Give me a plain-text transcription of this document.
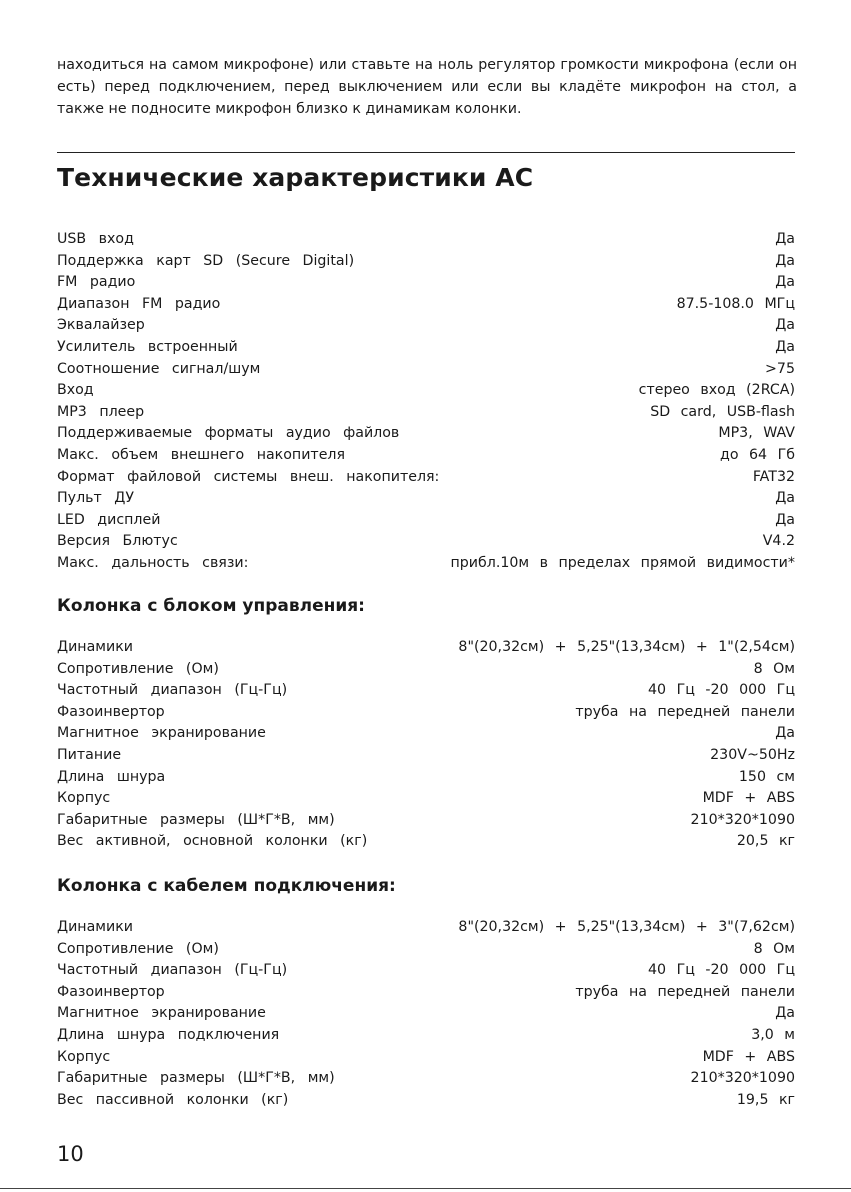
находиться на самом микрофоне) или ставьте на ноль регулятор громкости микрофона (если он есть) перед подключением, перед выключением или если вы кладёте микрофон на стол, а также не подносите микрофон близко к динамикам колонки.

Технические характеристики АС
USB вход	Да
Поддержка карт SD (Secure Digital)	Да
FM радио	Да
Диапазон FM радио	87.5-108.0 МГц
Эквалайзер	Да
Усилитель встроенный	Да
Соотношение сигнал/шум	>75
Вход	стерео вход (2RCA)
MP3 плеер	SD card, USB-flash
Поддерживаемые форматы аудио файлов	MP3, WAV
Макс. объем внешнего накопителя	до 64 Гб
Формат файловой системы внеш. накопителя:	FAT32
Пульт ДУ	Да
LED дисплей	Да
Версия Блютус	V4.2
Макс. дальность связи:	прибл.10м в пределах прямой видимости*
Колонка с блоком управления:
Динамики	8"(20,32см) + 5,25"(13,34см) + 1"(2,54см)
Сопротивление (Ом)	8 Ом
Частотный диапазон (Гц-Гц)	40 Гц -20 000 Гц
Фазоинвертор	труба на передней панели
Магнитное экранирование	Да
Питание	230V~50Hz
Длина шнура	150 см
Корпус	MDF + ABS
Габаритные размеры (Ш*Г*В, мм)	210*320*1090
Вес активной, основной колонки (кг)	20,5 кг
Колонка с кабелем подключения:
Динамики	8"(20,32см) + 5,25"(13,34см) + 3"(7,62см)
Сопротивление (Ом)	8 Ом
Частотный диапазон (Гц-Гц)	40 Гц -20 000 Гц
Фазоинвертор	труба на передней панели
Магнитное экранирование	Да
Длина шнура подключения	3,0 м
Корпус	MDF + ABS
Габаритные размеры (Ш*Г*В, мм)	210*320*1090
Вес пассивной колонки (кг)	19,5 кг
10
